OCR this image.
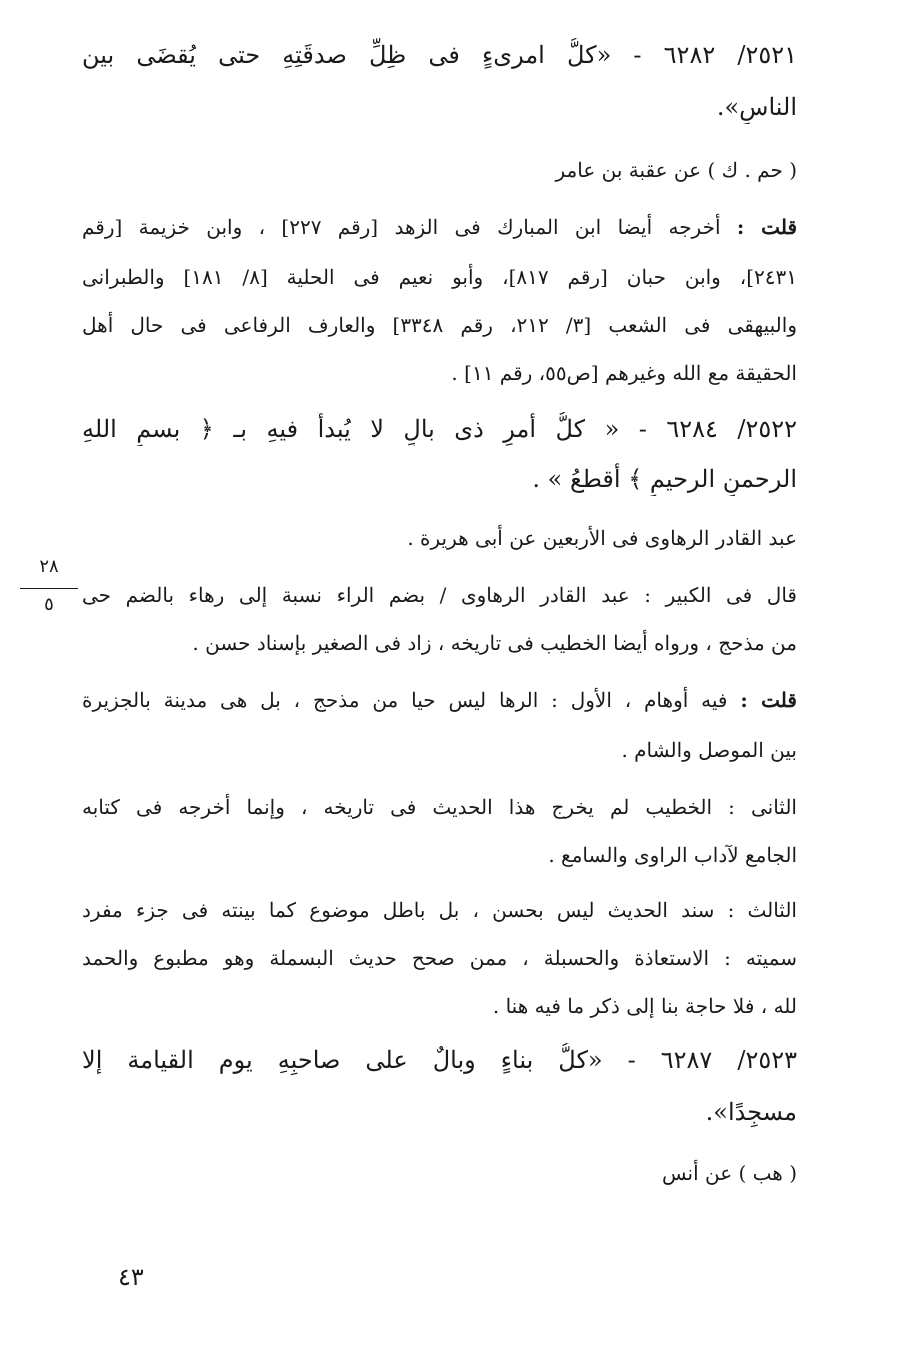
٢٥٢١/ ٦٢٨٢ - «كلُّ امرىءٍ فى ظِلِّ صدقَتِهِ حتى يُقضَى بين
الناسِ».
( حم . ك ) عن عقبة بن عامر
قلت : أخرجه أيضا ابن المبارك فى الزهد [رقم ٢٢٧] ، وابن خزيمة [رقم
٢٤٣١]، وابن حبان [رقم ٨١٧]، وأبو نعيم فى الحلية [٨/ ١٨١] والطبرانى
والبيهقى فى الشعب [٣/ ٢١٢، رقم ٣٣٤٨] والعارف الرفاعى فى حال أهل
الحقيقة مع الله وغيرهم [ص٥٥، رقم ١١] .
٢٥٢٢/ ٦٢٨٤ - « كلُّ أمرٍ ذى بالٍ لا يُبدأُ فيهِ بـ ﴿ بسمِ اللهِ
الرحمنِ الرحيمِ ﴾ أقطعُ » .
عبد القادر الرهاوى فى الأربعين عن أبى هريرة .
قال فى الكبير : عبد القادر الرهاوى / بضم الراء نسبة إلى رهاء بالضم حى
من مذحج ، ورواه أيضا الخطيب فى تاريخه ، زاد فى الصغير بإسناد حسن .
قلت : فيه أوهام ، الأول : الرها ليس حيا من مذحج ، بل هى مدينة بالجزيرة
بين الموصل والشام .
الثانى : الخطيب لم يخرج هذا الحديث فى تاريخه ، وإنما أخرجه فى كتابه
الجامع لآداب الراوى والسامع .
الثالث : سند الحديث ليس بحسن ، بل باطل موضوع كما بينته فى جزء مفرد
سميته : الاستعاذة والحسبلة ، ممن صحح حديث البسملة وهو مطبوع والحمد
لله ، فلا حاجة بنا إلى ذكر ما فيه هنا .
٢٥٢٣/ ٦٢٨٧ - «كلُّ بناءٍ وبالٌ على صاحبِهِ يوم القيامة إلا
مسجِدًا».
( هب ) عن أنس
٢٨
٥
٤٣
